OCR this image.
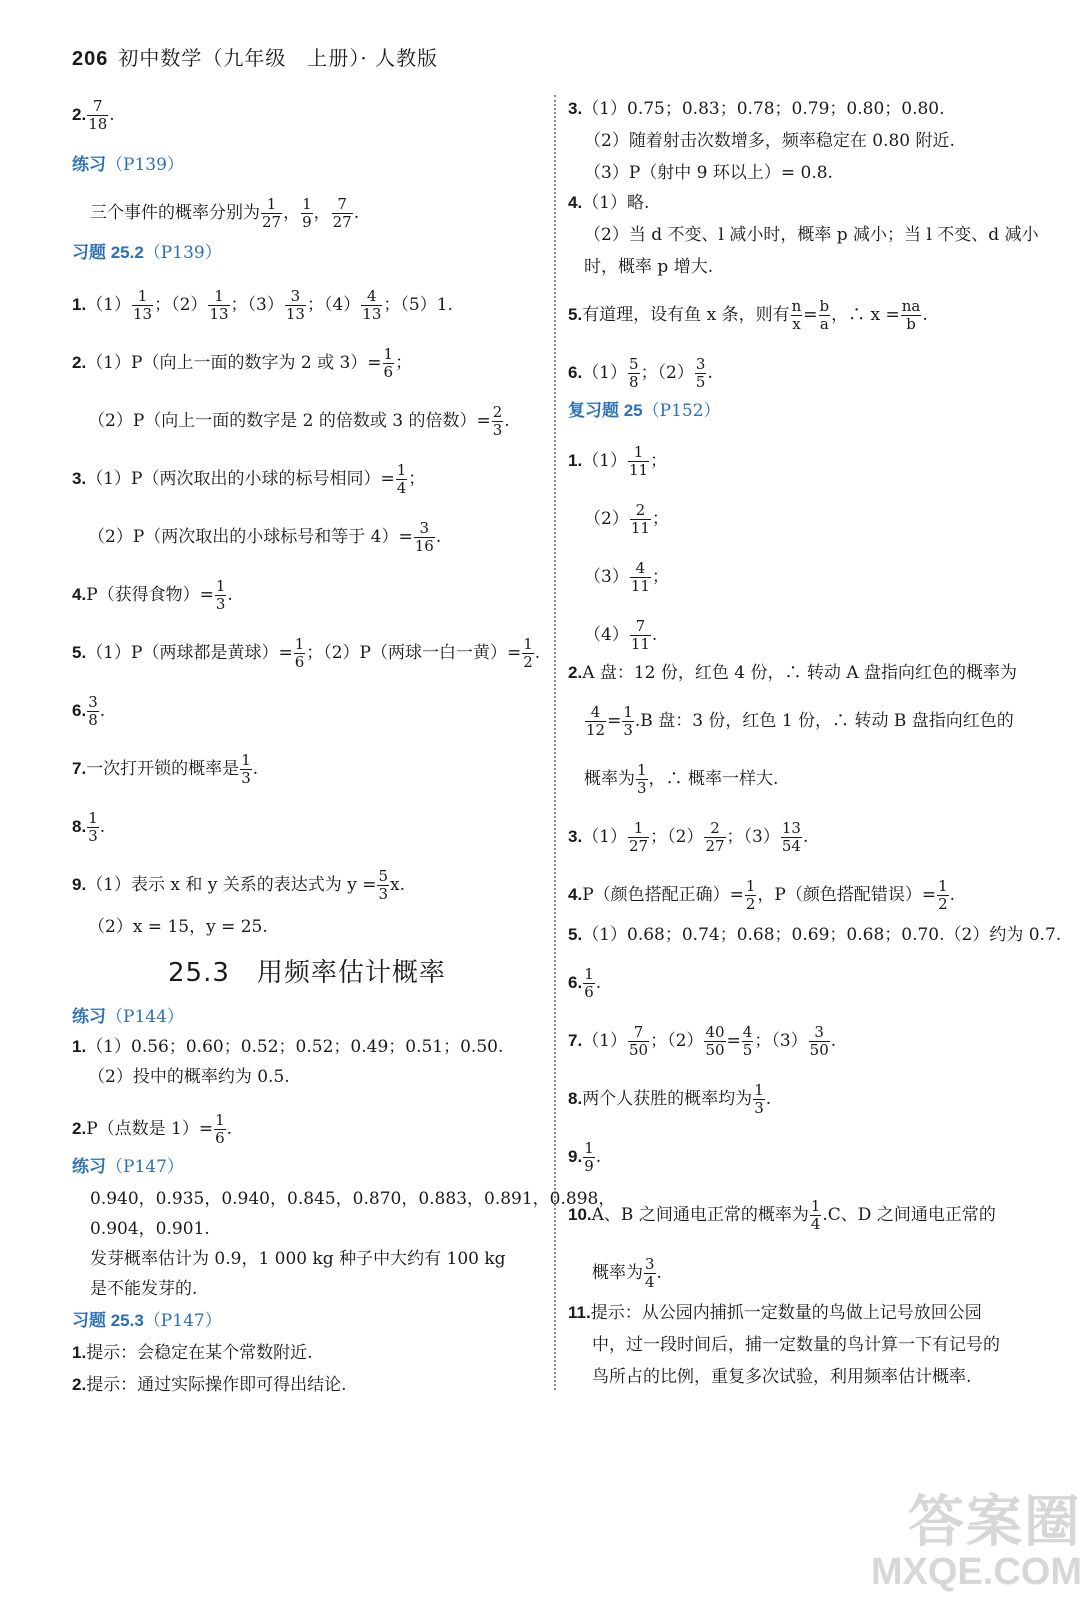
206 初中数学（九年级　上册）· 人教版
2. $\frac{7}{18}$ .
练习（P139）
三个事件的概率分别为 $\frac{1}{27}$ ， $\frac{1}{9}$ ， $\frac{7}{27}$ .
习题 25.2（P139）
$1.(1) \frac{1}{13}$ ；$(2) \frac{1}{13}$ ；$(3) \frac{3}{13}$ ；$(4) \frac{4}{13}$ ；（5）1.
2.（1）P（向上一面的数字为 2 或 $3)= \frac{1}{6}$ ；
（2）P（向上一面的数字是 2 的倍数或 3 的倍数）= $\frac{2}{3}$ .
3.（1）P（两次取出的小球的标号相同）= $\frac{1}{4}$ ；
（2）P（两次取出的小球标号和等于 $4)= \frac{3}{16}$ .
4.P（获得食物）= $\frac{1}{3}$ .
5.（1）P（两球都是黄球）= $\frac{1}{6}$ ；（2）P（两球一白一黄）= $\frac{1}{2}$ .
6. $\frac{3}{8}$ .
7.一次打开锁的概率是 $\frac{1}{3}$ .
8. $\frac{1}{3}$ .
9.（1）表示 x 和 y 关系的表达式为 $y = \frac{5}{3} x$.
（2）x = 15，y = 25.
25.3　用频率估计概率
练习（P144）
1.（1）0.56；0.60；0.52；0.52；0.49；0.51；0.50.
（2）投中的概率约为 0.5.
2.P（点数是 $1)= \frac{1}{6}$ .
练习（P147）
0.940，0.935，0.940，0.845，0.870，0.883，0.891，0.898，
0.904，0.901.
发芽概率估计为 0.9，1 000 kg 种子中大约有 100 kg
是不能发芽的.
习题 25.3（P147）
1.提示：会稳定在某个常数附近.
2.提示：通过实际操作即可得出结论.
3.（1）0.75；0.83；0.78；0.79；0.80；0.80.
（2）随着射击次数增多，频率稳定在 0.80 附近.
（3）P（射中 9 环以上）= 0.8.
4.（1）略.
（2）当 d 不变、l 减小时，概率 p 减小；当 l 不变、d 减小
时，概率 p 增大.
5.有道理，设有鱼 x 条，则有 $\frac{n}{x} = \frac{b}{a}$ ，∴ $x = \frac{na}{b}$ .
$6.(1) \frac{5}{8}$ ；$(2) \frac{3}{5}$ .
复习题 25（P152）
$1.(1) \frac{1}{11}$ ；
$(2) \frac{2}{11}$ ；
$(3) \frac{4}{11}$ ；
$(4) \frac{7}{11}$ .
2.A 盘：12 份，红色 4 份，∴ 转动 A 盘指向红色的概率为
$\frac{4}{12} = \frac{1}{3} .B$ 盘：3 份，红色 1 份，∴ 转动 B 盘指向红色的
概率为 $\frac{1}{3}$ ，∴ 概率一样大.
$3.(1) \frac{1}{27}$ ；$(2) \frac{2}{27}$ ；$(3) \frac{13}{54}$ .
4.P（颜色搭配正确）= $\frac{1}{2}$ ，P（颜色搭配错误）= $\frac{1}{2}$ .
5.（1）0.68；0.74；0.68；0.69；0.68；0.70.（2）约为 0.7.
6. $\frac{1}{6}$ .
$7.(1) \frac{7}{50}$ ；$(2) \frac{40}{50} = \frac{4}{5}$ ；$(3) \frac{3}{50}$ .
8.两个人获胜的概率均为 $\frac{1}{3}$ .
9. $\frac{1}{9}$ .
10.A、B 之间通电正常的概率为 $\frac{1}{4} .C$、D 之间通电正常的
概率为 $\frac{3}{4}$ .
11.提示：从公园内捕抓一定数量的鸟做上记号放回公园
中，过一段时间后，捕一定数量的鸟计算一下有记号的
鸟所占的比例，重复多次试验，利用频率估计概率.
答案圈
MXQE.COM
